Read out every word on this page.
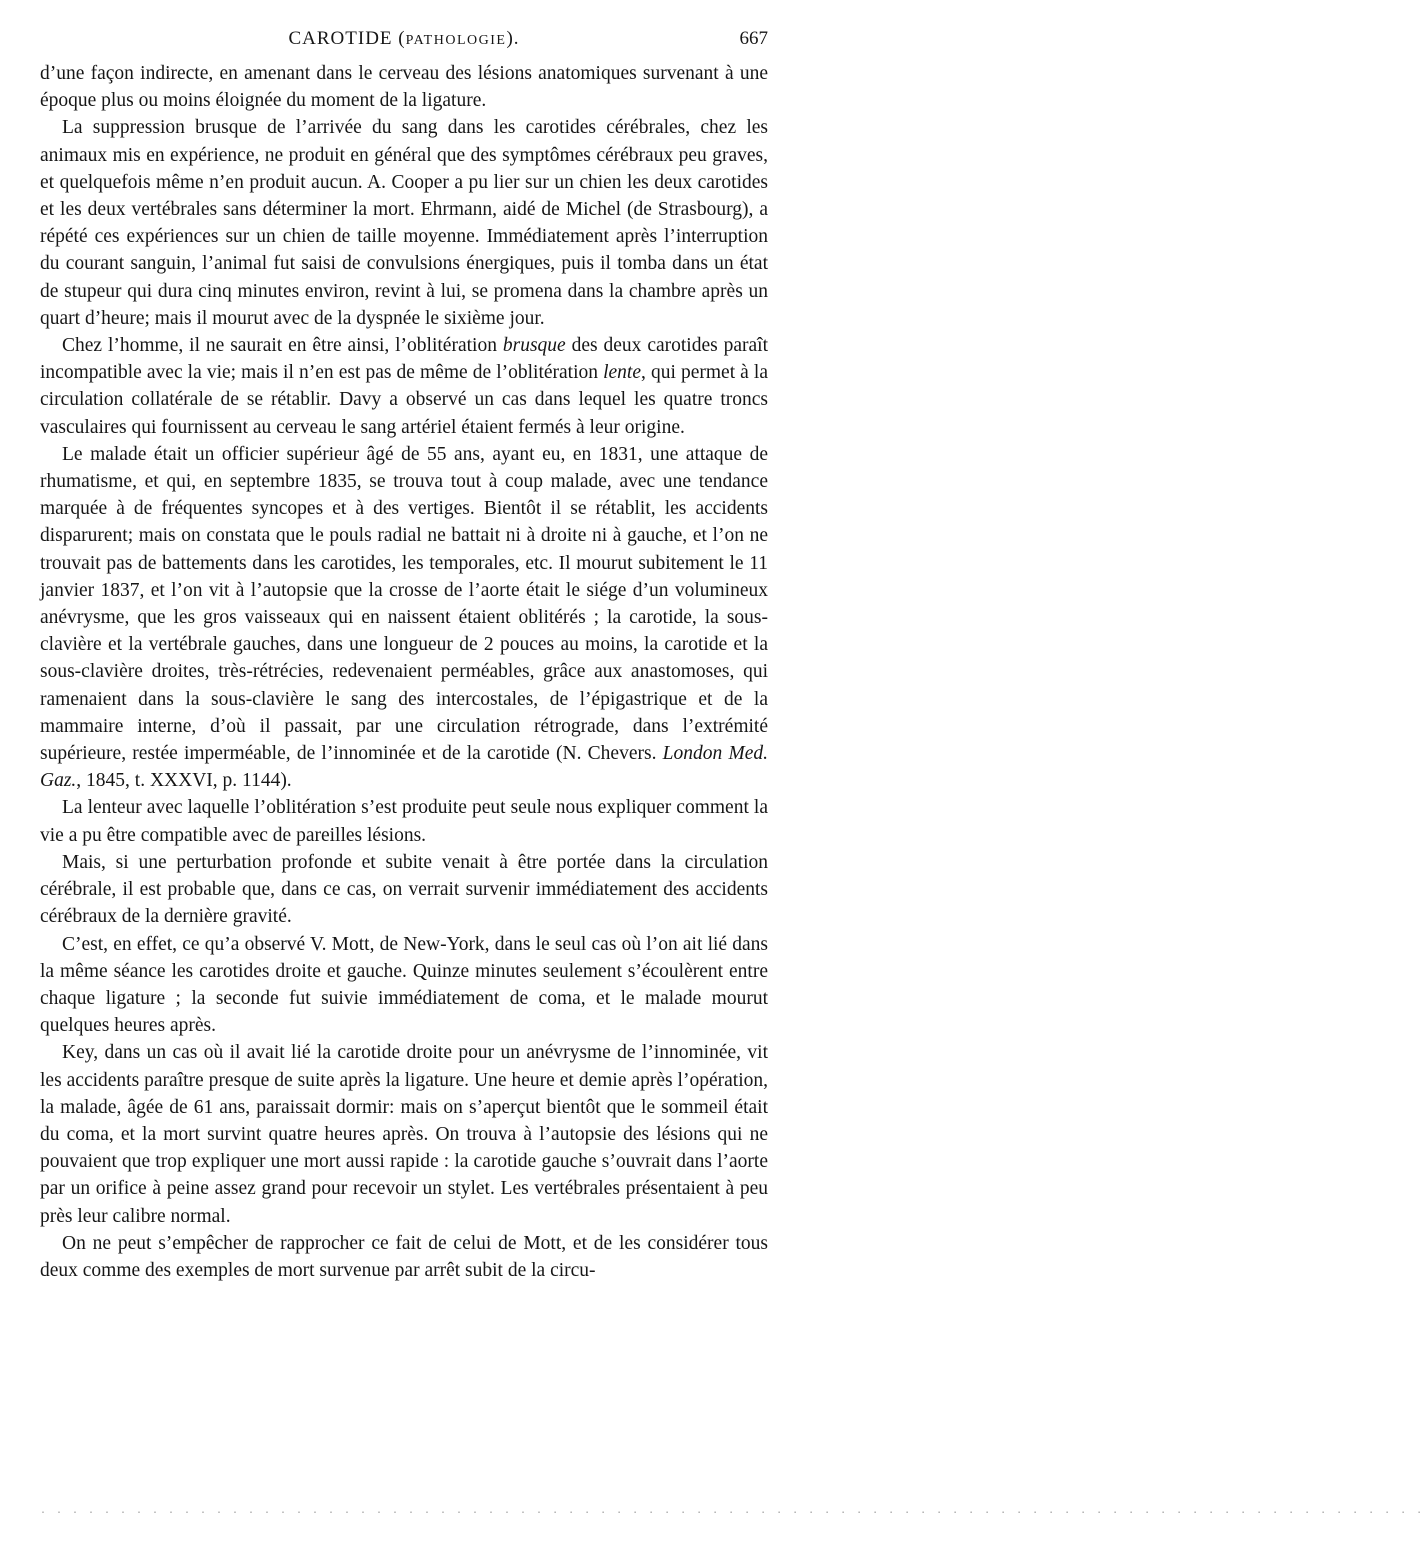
CAROTIDE (PATHOLOGIE).	667

d’une façon indirecte, en amenant dans le cerveau des lésions anatomiques survenant à une époque plus ou moins éloignée du moment de la ligature.

La suppression brusque de l’arrivée du sang dans les carotides cérébrales, chez les animaux mis en expérience, ne produit en général que des symptômes cérébraux peu graves, et quelquefois même n’en produit aucun. A. Cooper a pu lier sur un chien les deux carotides et les deux vertébrales sans déterminer la mort. Ehrmann, aidé de Michel (de Strasbourg), a répété ces expériences sur un chien de taille moyenne. Immédiatement après l’interruption du courant sanguin, l’animal fut saisi de convulsions énergiques, puis il tomba dans un état de stupeur qui dura cinq minutes environ, revint à lui, se promena dans la chambre après un quart d’heure; mais il mourut avec de la dyspnée le sixième jour.

Chez l’homme, il ne saurait en être ainsi, l’oblitération brusque des deux carotides paraît incompatible avec la vie; mais il n’en est pas de même de l’oblitération lente, qui permet à la circulation collatérale de se rétablir. Davy a observé un cas dans lequel les quatre troncs vasculaires qui fournissent au cerveau le sang artériel étaient fermés à leur origine.

Le malade était un officier supérieur âgé de 55 ans, ayant eu, en 1831, une attaque de rhumatisme, et qui, en septembre 1835, se trouva tout à coup malade, avec une tendance marquée à de fréquentes syncopes et à des vertiges. Bientôt il se rétablit, les accidents disparurent; mais on constata que le pouls radial ne battait ni à droite ni à gauche, et l’on ne trouvait pas de battements dans les carotides, les temporales, etc. Il mourut subitement le 11 janvier 1837, et l’on vit à l’autopsie que la crosse de l’aorte était le siége d’un volumineux anévrysme, que les gros vaisseaux qui en naissent étaient oblitérés ; la carotide, la sous-clavière et la vertébrale gauches, dans une longueur de 2 pouces au moins, la carotide et la sous-clavière droites, très-rétrécies, redevenaient perméables, grâce aux anastomoses, qui ramenaient dans la sous-clavière le sang des intercostales, de l’épigastrique et de la mammaire interne, d’où il passait, par une circulation rétrograde, dans l’extrémité supérieure, restée imperméable, de l’innominée et de la carotide (N. Chevers. London Med. Gaz., 1845, t. XXXVI, p. 1144).

La lenteur avec laquelle l’oblitération s’est produite peut seule nous expliquer comment la vie a pu être compatible avec de pareilles lésions.

Mais, si une perturbation profonde et subite venait à être portée dans la circulation cérébrale, il est probable que, dans ce cas, on verrait survenir immédiatement des accidents cérébraux de la dernière gravité.

C’est, en effet, ce qu’a observé V. Mott, de New-York, dans le seul cas où l’on ait lié dans la même séance les carotides droite et gauche. Quinze minutes seulement s’écoulèrent entre chaque ligature ; la seconde fut suivie immédiatement de coma, et le malade mourut quelques heures après.

Key, dans un cas où il avait lié la carotide droite pour un anévrysme de l’innominée, vit les accidents paraître presque de suite après la ligature. Une heure et demie après l’opération, la malade, âgée de 61 ans, paraissait dormir: mais on s’aperçut bientôt que le sommeil était du coma, et la mort survint quatre heures après. On trouva à l’autopsie des lésions qui ne pouvaient que trop expliquer une mort aussi rapide : la carotide gauche s’ouvrait dans l’aorte par un orifice à peine assez grand pour recevoir un stylet. Les vertébrales présentaient à peu près leur calibre normal.

On ne peut s’empêcher de rapprocher ce fait de celui de Mott, et de les considérer tous deux comme des exemples de mort survenue par arrêt subit de la circu-

. . . . . . . . . . . . . . . . . . . . . . . . . . . . . . . . . . . . . . . . . . . . . . . . . . . . . . . . . . . . . . . . . . . . . . . . . . . . . . . . . . . . . . .
